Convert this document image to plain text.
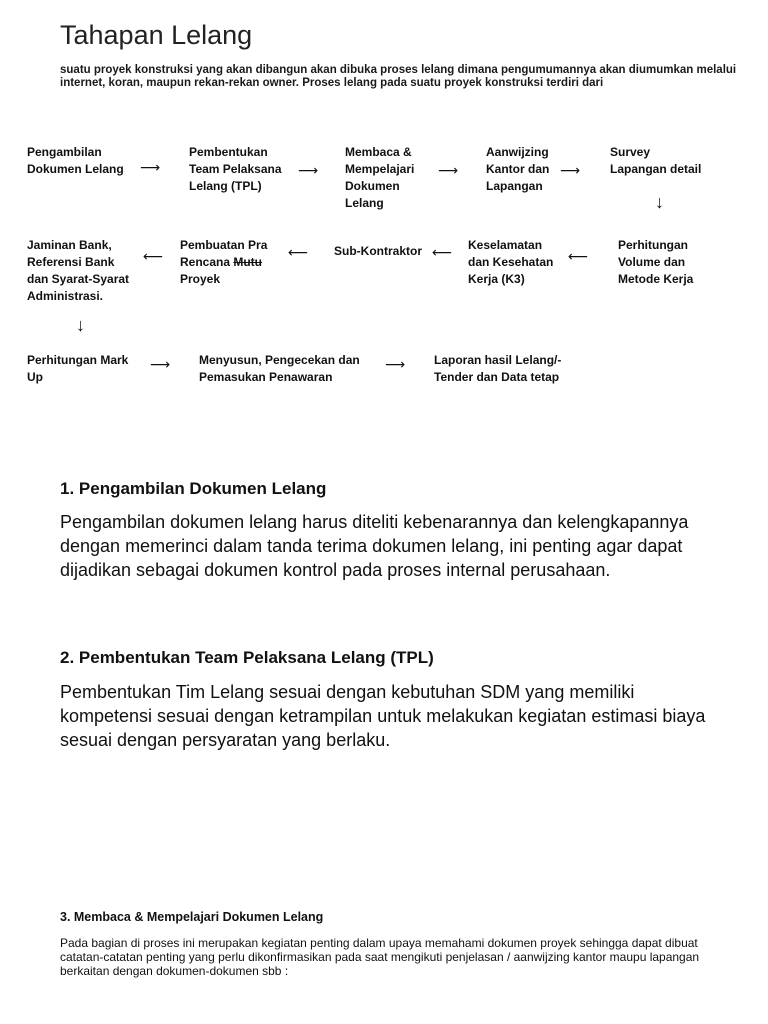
Tahapan Lelang
suatu proyek konstruksi yang akan dibangun akan dibuka proses lelang dimana pengumumannya akan diumumkan melalui internet, koran, maupun rekan-rekan owner. Proses lelang pada suatu proyek konstruksi terdiri dari
Pengambilan
Dokumen Lelang ⟶
Pembentukan
Team Pelaksana
Lelang (TPL)
⟶
Membaca &
Mempelajari
Dokumen
Lelang
⟶
Aanwijzing
Kantor dan
Lapangan
⟶
Survey
Lapangan detail
↓
Perhitungan
Volume dan
Metode Kerja
⟵
Keselamatan
dan Kesehatan
Kerja (K3)
⟵
Sub-Kontraktor
⟵
Pembuatan Pra
Rencana Mutu
Proyek
⟵
Jaminan Bank,
Referensi Bank
dan Syarat-Syarat
Administrasi.
↓
Perhitungan Mark
Up
⟶ Menyusun, Pengecekan dan
Pemasukan Penawaran
⟶ Laporan hasil Lelang/-
Tender dan Data tetap
1. Pengambilan Dokumen Lelang
Pengambilan dokumen lelang harus diteliti kebenarannya dan kelengkapannya dengan memerinci dalam tanda terima dokumen lelang, ini penting agar dapat dijadikan sebagai dokumen kontrol pada proses internal perusahaan.
2. Pembentukan Team Pelaksana Lelang (TPL)
Pembentukan Tim Lelang sesuai dengan kebutuhan SDM yang memiliki kompetensi sesuai dengan ketrampilan untuk melakukan kegiatan estimasi biaya sesuai dengan persyaratan yang berlaku.
3. Membaca & Mempelajari Dokumen Lelang
Pada bagian di proses ini merupakan kegiatan penting dalam upaya memahami dokumen proyek sehingga dapat dibuat catatan-catatan penting yang perlu dikonfirmasikan pada saat mengikuti penjelasan / aanwijzing kantor maupu lapangan berkaitan dengan dokumen-dokumen sbb :
